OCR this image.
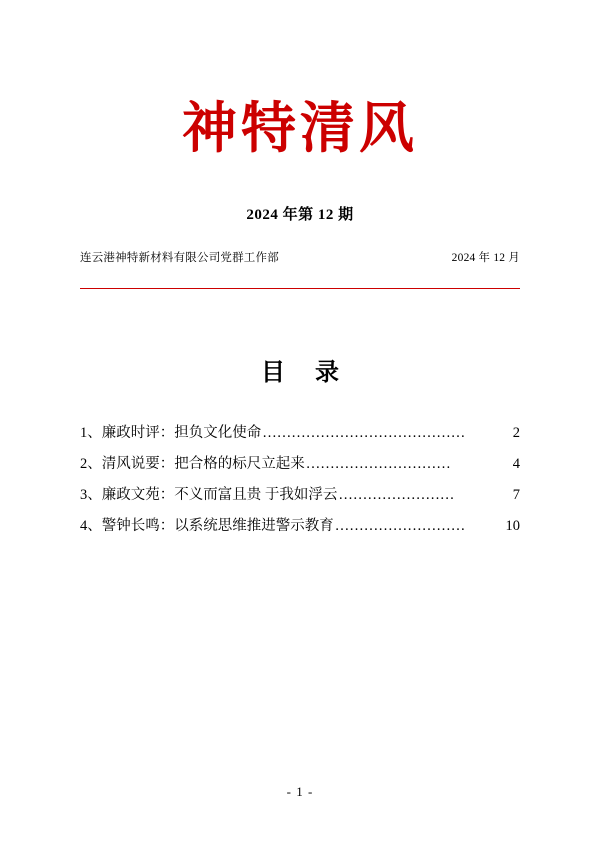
神特清风
2024 年第 12 期
连云港神特新材料有限公司党群工作部	2024 年 12 月
目 录
1、廉政时评：担负文化使命 ……………………………………	2
2、清风说要：把合格的标尺立起来 …………………………	4
3、廉政文苑：不义而富且贵 于我如浮云 ……………………	7
4、警钟长鸣：以系统思维推进警示教育 ………………………	10
- 1 -
